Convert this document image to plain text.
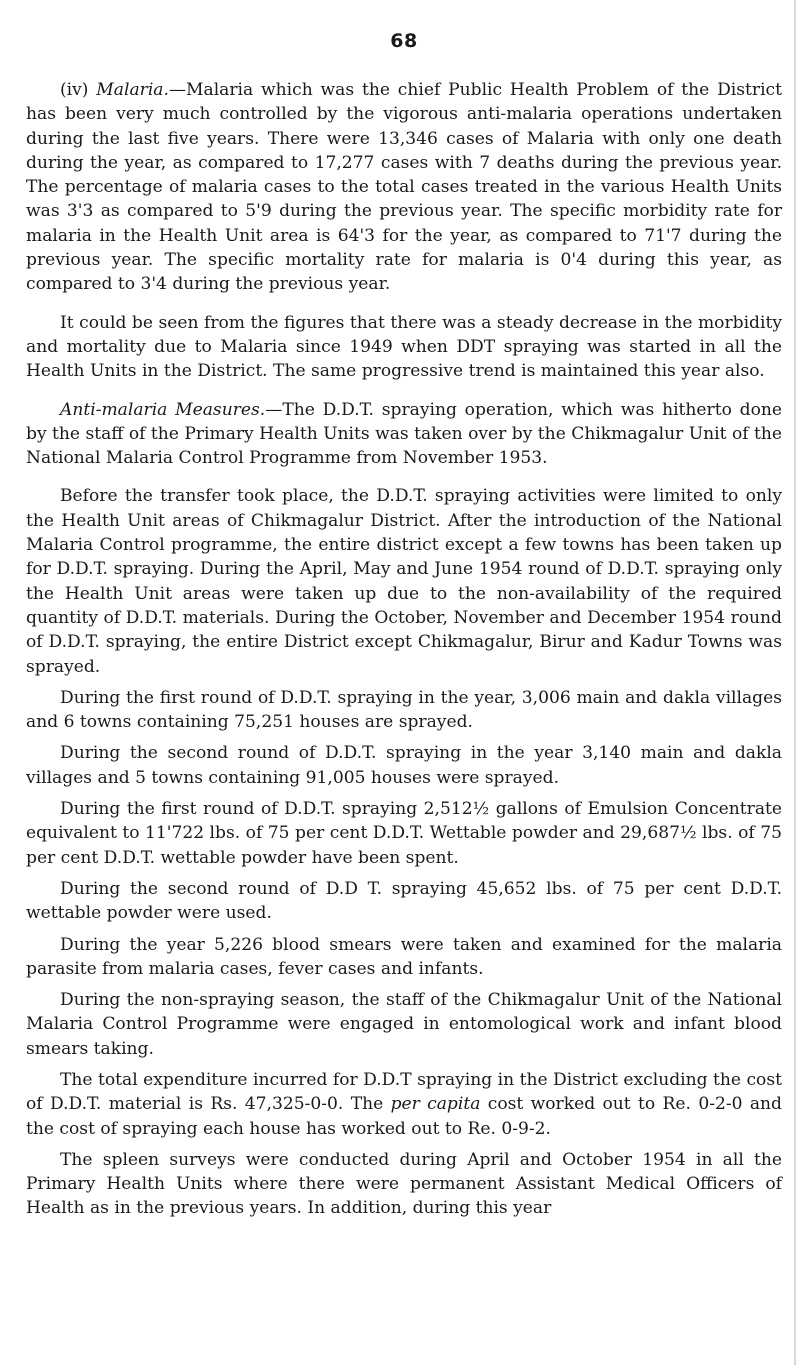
68

(iv) Malaria.—Malaria which was the chief Public Health Problem of the District has been very much controlled by the vigorous anti-malaria operations undertaken during the last five years. There were 13,346 cases of Malaria with only one death during the year, as compared to 17,277 cases with 7 deaths during the previous year. The percentage of malaria cases to the total cases treated in the various Health Units was 3'3 as compared to 5'9 during the previous year. The specific morbidity rate for malaria in the Health Unit area is 64'3 for the year, as compared to 71'7 during the previous year. The specific mortality rate for malaria is 0'4 during this year, as compared to 3'4 during the previous year.

It could be seen from the figures that there was a steady decrease in the morbidity and mortality due to Malaria since 1949 when DDT spraying was started in all the Health Units in the District. The same progressive trend is maintained this year also.

Anti-malaria Measures.—The D.D.T. spraying operation, which was hitherto done by the staff of the Primary Health Units was taken over by the Chikmagalur Unit of the National Malaria Control Programme from November 1953.

Before the transfer took place, the D.D.T. spraying activities were limited to only the Health Unit areas of Chikmagalur District. After the introduction of the National Malaria Control programme, the entire district except a few towns has been taken up for D.D.T. spraying. During the April, May and June 1954 round of D.D.T. spraying only the Health Unit areas were taken up due to the non-availability of the required quantity of D.D.T. materials. During the October, November and December 1954 round of D.D.T. spraying, the entire District except Chikmagalur, Birur and Kadur Towns was sprayed.

During the first round of D.D.T. spraying in the year, 3,006 main and dakla villages and 6 towns containing 75,251 houses are sprayed.

During the second round of D.D.T. spraying in the year 3,140 main and dakla villages and 5 towns containing 91,005 houses were sprayed.

During the first round of D.D.T. spraying 2,512½ gallons of Emulsion Concentrate equivalent to 11'722 lbs. of 75 per cent D.D.T. Wettable powder and 29,687½ lbs. of 75 per cent D.D.T. wettable powder have been spent.

During the second round of D.D T. spraying 45,652 lbs. of 75 per cent D.D.T. wettable powder were used.

During the year 5,226 blood smears were taken and examined for the malaria parasite from malaria cases, fever cases and infants.

During the non-spraying season, the staff of the Chikmagalur Unit of the National Malaria Control Programme were engaged in entomological work and infant blood smears taking.

The total expenditure incurred for D.D.T spraying in the District excluding the cost of D.D.T. material is Rs. 47,325-0-0. The per capita cost worked out to Re. 0-2-0 and the cost of spraying each house has worked out to Re. 0-9-2.

The spleen surveys were conducted during April and October 1954 in all the Primary Health Units where there were permanent Assistant Medical Officers of Health as in the previous years. In addition, during this year
